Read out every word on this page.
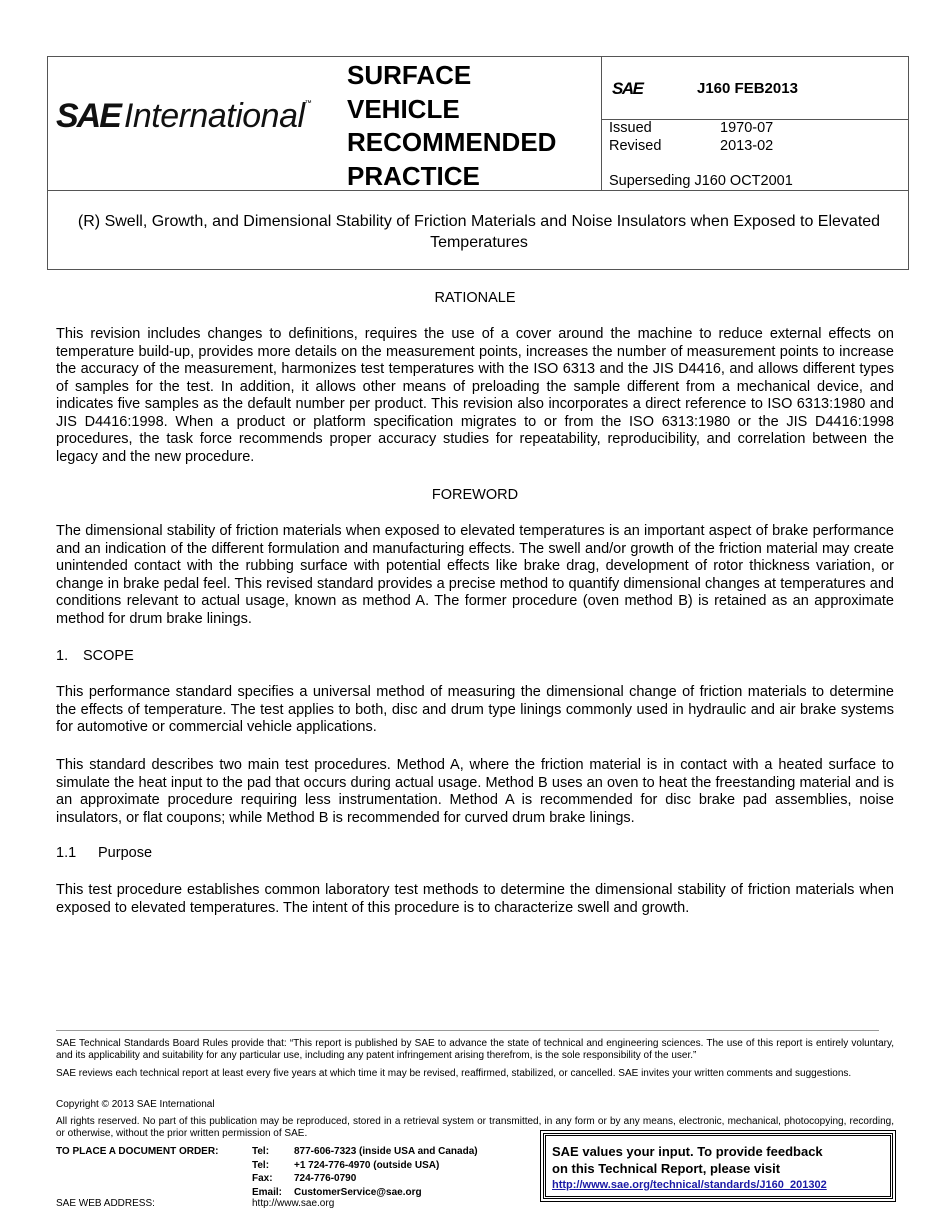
SAE International ™
SURFACE
VEHICLE
RECOMMENDED
PRACTICE
SAE	J160 FEB2013
Issued	1970-07
Revised	2013-02
Superseding J160 OCT2001
(R) Swell, Growth, and Dimensional Stability of Friction Materials and Noise Insulators when Exposed to Elevated Temperatures
RATIONALE
This revision includes changes to definitions, requires the use of a cover around the machine to reduce external effects on temperature build-up, provides more details on the measurement points, increases the number of measurement points to increase the accuracy of the measurement, harmonizes test temperatures with the ISO 6313 and the JIS D4416, and allows different types of samples for the test. In addition, it allows other means of preloading the sample different from a mechanical device, and indicates five samples as the default number per product. This revision also incorporates a direct reference to ISO 6313:1980 and JIS D4416:1998. When a product or platform specification migrates to or from the ISO 6313:1980 or the JIS D4416:1998 procedures, the task force recommends proper accuracy studies for repeatability, reproducibility, and correlation between the legacy and the new procedure.
FOREWORD
The dimensional stability of friction materials when exposed to elevated temperatures is an important aspect of brake performance and an indication of the different formulation and manufacturing effects. The swell and/or growth of the friction material may create unintended contact with the rubbing surface with potential effects like brake drag, development of rotor thickness variation, or change in brake pedal feel. This revised standard provides a precise method to quantify dimensional changes at temperatures and conditions relevant to actual usage, known as method A. The former procedure (oven method B) is retained as an approximate method for drum brake linings.
1. SCOPE
This performance standard specifies a universal method of measuring the dimensional change of friction materials to determine the effects of temperature. The test applies to both, disc and drum type linings commonly used in hydraulic and air brake systems for automotive or commercial vehicle applications.
This standard describes two main test procedures. Method A, where the friction material is in contact with a heated surface to simulate the heat input to the pad that occurs during actual usage. Method B uses an oven to heat the freestanding material and is an approximate procedure requiring less instrumentation. Method A is recommended for disc brake pad assemblies, noise insulators, or flat coupons; while Method B is recommended for curved drum brake linings.
1.1 Purpose
This test procedure establishes common laboratory test methods to determine the dimensional stability of friction materials when exposed to elevated temperatures. The intent of this procedure is to characterize swell and growth.
SAE Technical Standards Board Rules provide that: “This report is published by SAE to advance the state of technical and engineering sciences. The use of this report is entirely voluntary, and its applicability and suitability for any particular use, including any patent infringement arising therefrom, is the sole responsibility of the user.”
SAE reviews each technical report at least every five years at which time it may be revised, reaffirmed, stabilized, or cancelled. SAE invites your written comments and suggestions.
Copyright © 2013 SAE International
All rights reserved. No part of this publication may be reproduced, stored in a retrieval system or transmitted, in any form or by any means, electronic, mechanical, photocopying, recording, or otherwise, without the prior written permission of SAE.
TO PLACE A DOCUMENT ORDER:	Tel:	877-606-7323 (inside USA and Canada)
Tel:	+1 724-776-4970 (outside USA)
Fax:	724-776-0790
Email:	CustomerService@sae.org
SAE WEB ADDRESS:	http://www.sae.org
SAE values your input. To provide feedback
on this Technical Report, please visit
http://www.sae.org/technical/standards/J160_201302
